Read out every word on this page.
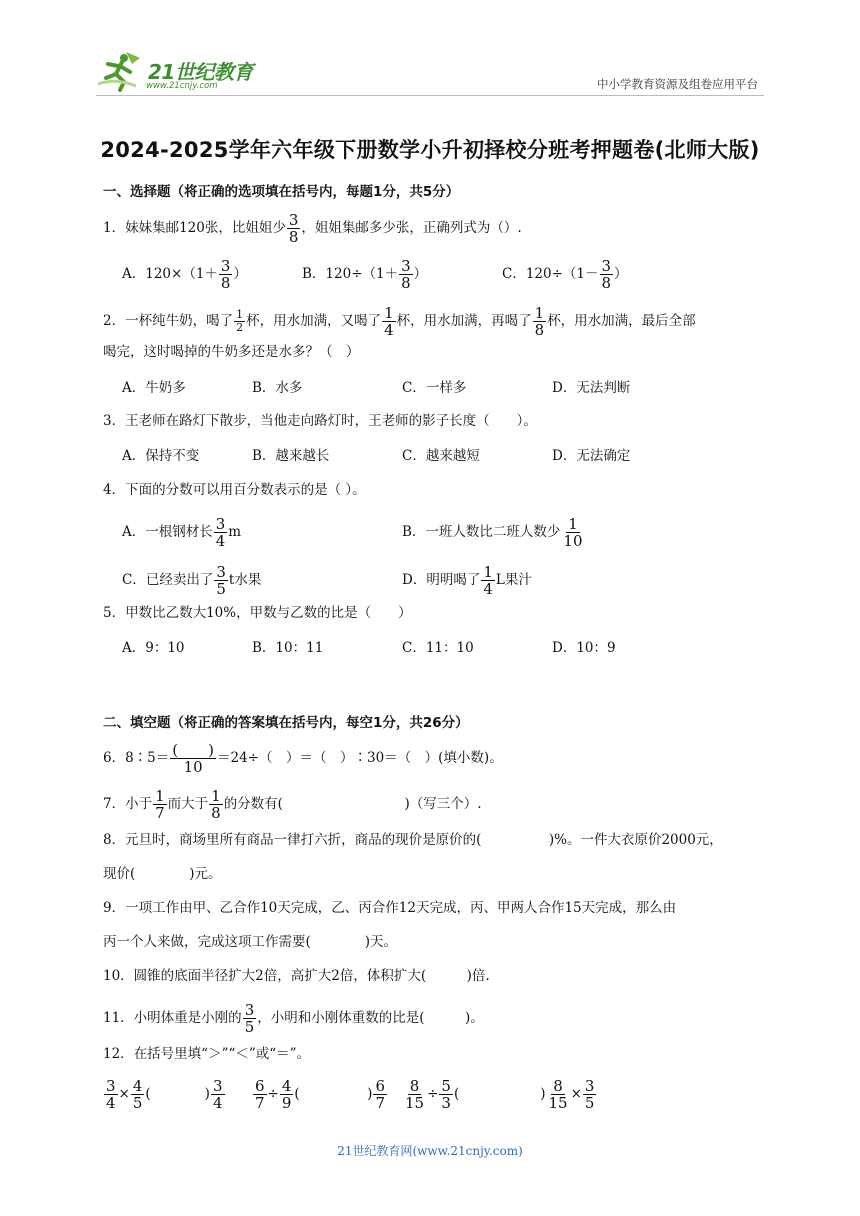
21世纪教育
www.21cnjy.com	中小学教育资源及组卷应用平台
2024-2025学年六年级下册数学小升初择校分班考押题卷(北师大版)
一、选择题（将正确的选项填在括号内，每题1分，共5分）
1．妹妹集邮120张，比姐姐少 $\frac{3}{8}$ ，姐姐集邮多少张，正确列式为（）.
A．$120\times(1+ \frac{3}{8}$ ）	B．$120\div(1+ \frac{3}{8}$ ）	C．$120\div(1- \frac{3}{8}$ ）
2．一杯纯牛奶，喝了 $\frac{1}{2}$ 杯，用水加满，又喝了 $\frac{1}{4}$ 杯，用水加满，再喝了 $\frac{1}{8}$ 杯，用水加满，最后全部
喝完，这时喝掉的牛奶多还是水多？（　）
A．牛奶多	B．水多	C．一样多	D．无法判断
3．王老师在路灯下散步，当他走向路灯时，王老师的影子长度（　　）。
A．保持不变	B．越来越长	C．越来越短	D．无法确定
4．下面的分数可以用百分数表示的是（ ）。
A．一根钢材长 $\frac{3}{4}$ m	B．一班人数比二班人数少 $\frac{1}{10}$
C．已经卖出了 $\frac{3}{5}$ t水果	D．明明喝了 $\frac{1}{4}$ L果汁
5．甲数比乙数大10%，甲数与乙数的比是（　　）
A．9：10	B．10：11	C．11：10	D．10：9
二、填空题（将正确的答案填在括号内，每空1分，共26分）
6．8∶5＝ $\frac{( )}{10} =24\div$（　）＝（　）∶30＝（　）(填小数)。
7．小于 $\frac{1}{7}$ 而大于 $\frac{1}{8}$ 的分数有(　　　　　　　　　)（写三个）.
8．元旦时，商场里所有商品一律打六折，商品的现价是原价的(　　　　　)%。一件大衣原价2000元，
现价(　　　　)元。
9．一项工作由甲、乙合作10天完成，乙、丙合作12天完成，丙、甲两人合作15天完成，那么由
丙一个人来做，完成这项工作需要(　　　　)天。
10．圆锥的底面半径扩大2倍，高扩大2倍，体积扩大(　　　)倍.
11．小明体重是小刚的 $\frac{3}{5}$ ，小明和小刚体重数的比是(　　　)。
12．在括号里填“＞”“＜”或“＝”。
$\frac{3}{4} \times \frac{4}{5}$ (　　　　) $\frac{3}{4} \frac{6}{7} \div \frac{4}{9}$ (　　　　　) $\frac{6}{7} \frac{8}{15} \div \frac{5}{3}$ (　　　　　　) $\frac{8}{15} \times \frac{3}{5}$
21世纪教育网(www.21cnjy.com)
